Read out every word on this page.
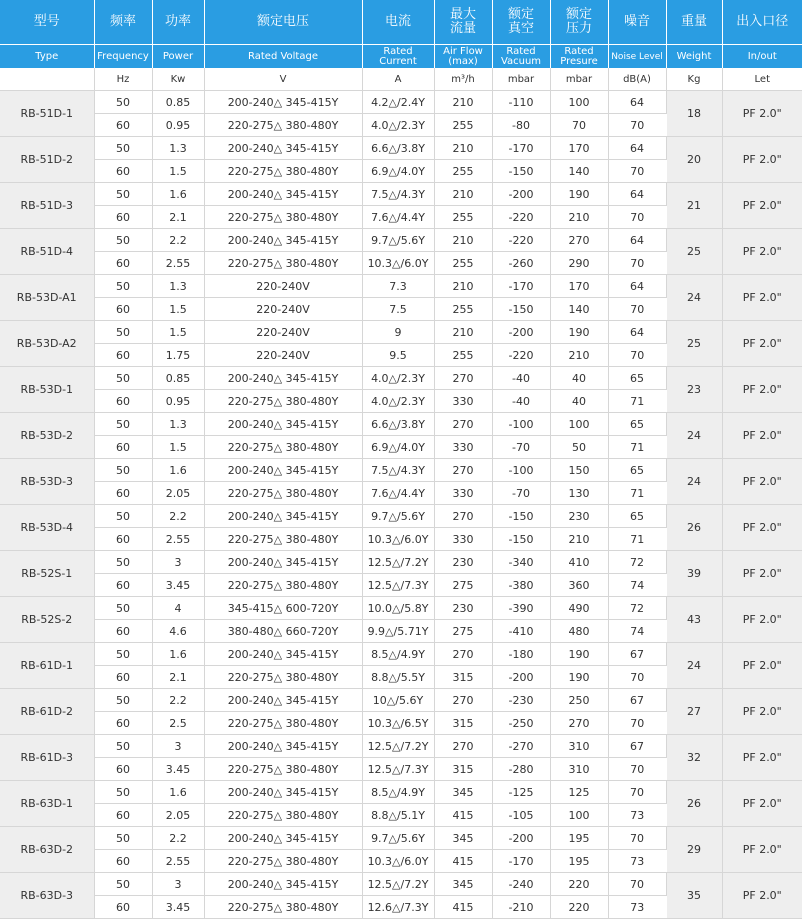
型号	频率	功率	额定电压	电流	最大流量	额定真空	额定压力	噪音	重量	出入口径
Type	Frequency	Power	Rated Voltage	Rated Current	Air Flow (max)	Rated Vacuum	Rated Presure	Noise Level	Weight	In/out
	Hz	Kw	V	A	m³/h	mbar	mbar	dB(A)	Kg	Let
RB-51D-1	50	0.85	200-240△ 345-415Y	4.2△/2.4Y	210	-110	100	64	18	PF 2.0"
	60	0.95	220-275△ 380-480Y	4.0△/2.3Y	255	-80	70	70		
RB-51D-2	50	1.3	200-240△ 345-415Y	6.6△/3.8Y	210	-170	170	64	20	PF 2.0"
	60	1.5	220-275△ 380-480Y	6.9△/4.0Y	255	-150	140	70		
RB-51D-3	50	1.6	200-240△ 345-415Y	7.5△/4.3Y	210	-200	190	64	21	PF 2.0"
	60	2.1	220-275△ 380-480Y	7.6△/4.4Y	255	-220	210	70		
RB-51D-4	50	2.2	200-240△ 345-415Y	9.7△/5.6Y	210	-220	270	64	25	PF 2.0"
	60	2.55	220-275△ 380-480Y	10.3△/6.0Y	255	-260	290	70		
RB-53D-A1	50	1.3	220-240V	7.3	210	-170	170	64	24	PF 2.0"
	60	1.5	220-240V	7.5	255	-150	140	70		
RB-53D-A2	50	1.5	220-240V	9	210	-200	190	64	25	PF 2.0"
	60	1.75	220-240V	9.5	255	-220	210	70		
RB-53D-1	50	0.85	200-240△ 345-415Y	4.0△/2.3Y	270	-40	40	65	23	PF 2.0"
	60	0.95	220-275△ 380-480Y	4.0△/2.3Y	330	-40	40	71		
RB-53D-2	50	1.3	200-240△ 345-415Y	6.6△/3.8Y	270	-100	100	65	24	PF 2.0"
	60	1.5	220-275△ 380-480Y	6.9△/4.0Y	330	-70	50	71		
RB-53D-3	50	1.6	200-240△ 345-415Y	7.5△/4.3Y	270	-100	150	65	24	PF 2.0"
	60	2.05	220-275△ 380-480Y	7.6△/4.4Y	330	-70	130	71		
RB-53D-4	50	2.2	200-240△ 345-415Y	9.7△/5.6Y	270	-150	230	65	26	PF 2.0"
	60	2.55	220-275△ 380-480Y	10.3△/6.0Y	330	-150	210	71		
RB-52S-1	50	3	200-240△ 345-415Y	12.5△/7.2Y	230	-340	410	72	39	PF 2.0"
	60	3.45	220-275△ 380-480Y	12.5△/7.3Y	275	-380	360	74		
RB-52S-2	50	4	345-415△ 600-720Y	10.0△/5.8Y	230	-390	490	72	43	PF 2.0"
	60	4.6	380-480△ 660-720Y	9.9△/5.71Y	275	-410	480	74		
RB-61D-1	50	1.6	200-240△ 345-415Y	8.5△/4.9Y	270	-180	190	67	24	PF 2.0"
	60	2.1	220-275△ 380-480Y	8.8△/5.5Y	315	-200	190	70		
RB-61D-2	50	2.2	200-240△ 345-415Y	10△/5.6Y	270	-230	250	67	27	PF 2.0"
	60	2.5	220-275△ 380-480Y	10.3△/6.5Y	315	-250	270	70		
RB-61D-3	50	3	200-240△ 345-415Y	12.5△/7.2Y	270	-270	310	67	32	PF 2.0"
	60	3.45	220-275△ 380-480Y	12.5△/7.3Y	315	-280	310	70		
RB-63D-1	50	1.6	200-240△ 345-415Y	8.5△/4.9Y	345	-125	125	70	26	PF 2.0"
	60	2.05	220-275△ 380-480Y	8.8△/5.1Y	415	-105	100	73		
RB-63D-2	50	2.2	200-240△ 345-415Y	9.7△/5.6Y	345	-200	195	70	29	PF 2.0"
	60	2.55	220-275△ 380-480Y	10.3△/6.0Y	415	-170	195	73		
RB-63D-3	50	3	200-240△ 345-415Y	12.5△/7.2Y	345	-240	220	70	35	PF 2.0"
	60	3.45	220-275△ 380-480Y	12.6△/7.3Y	415	-210	220	73		
